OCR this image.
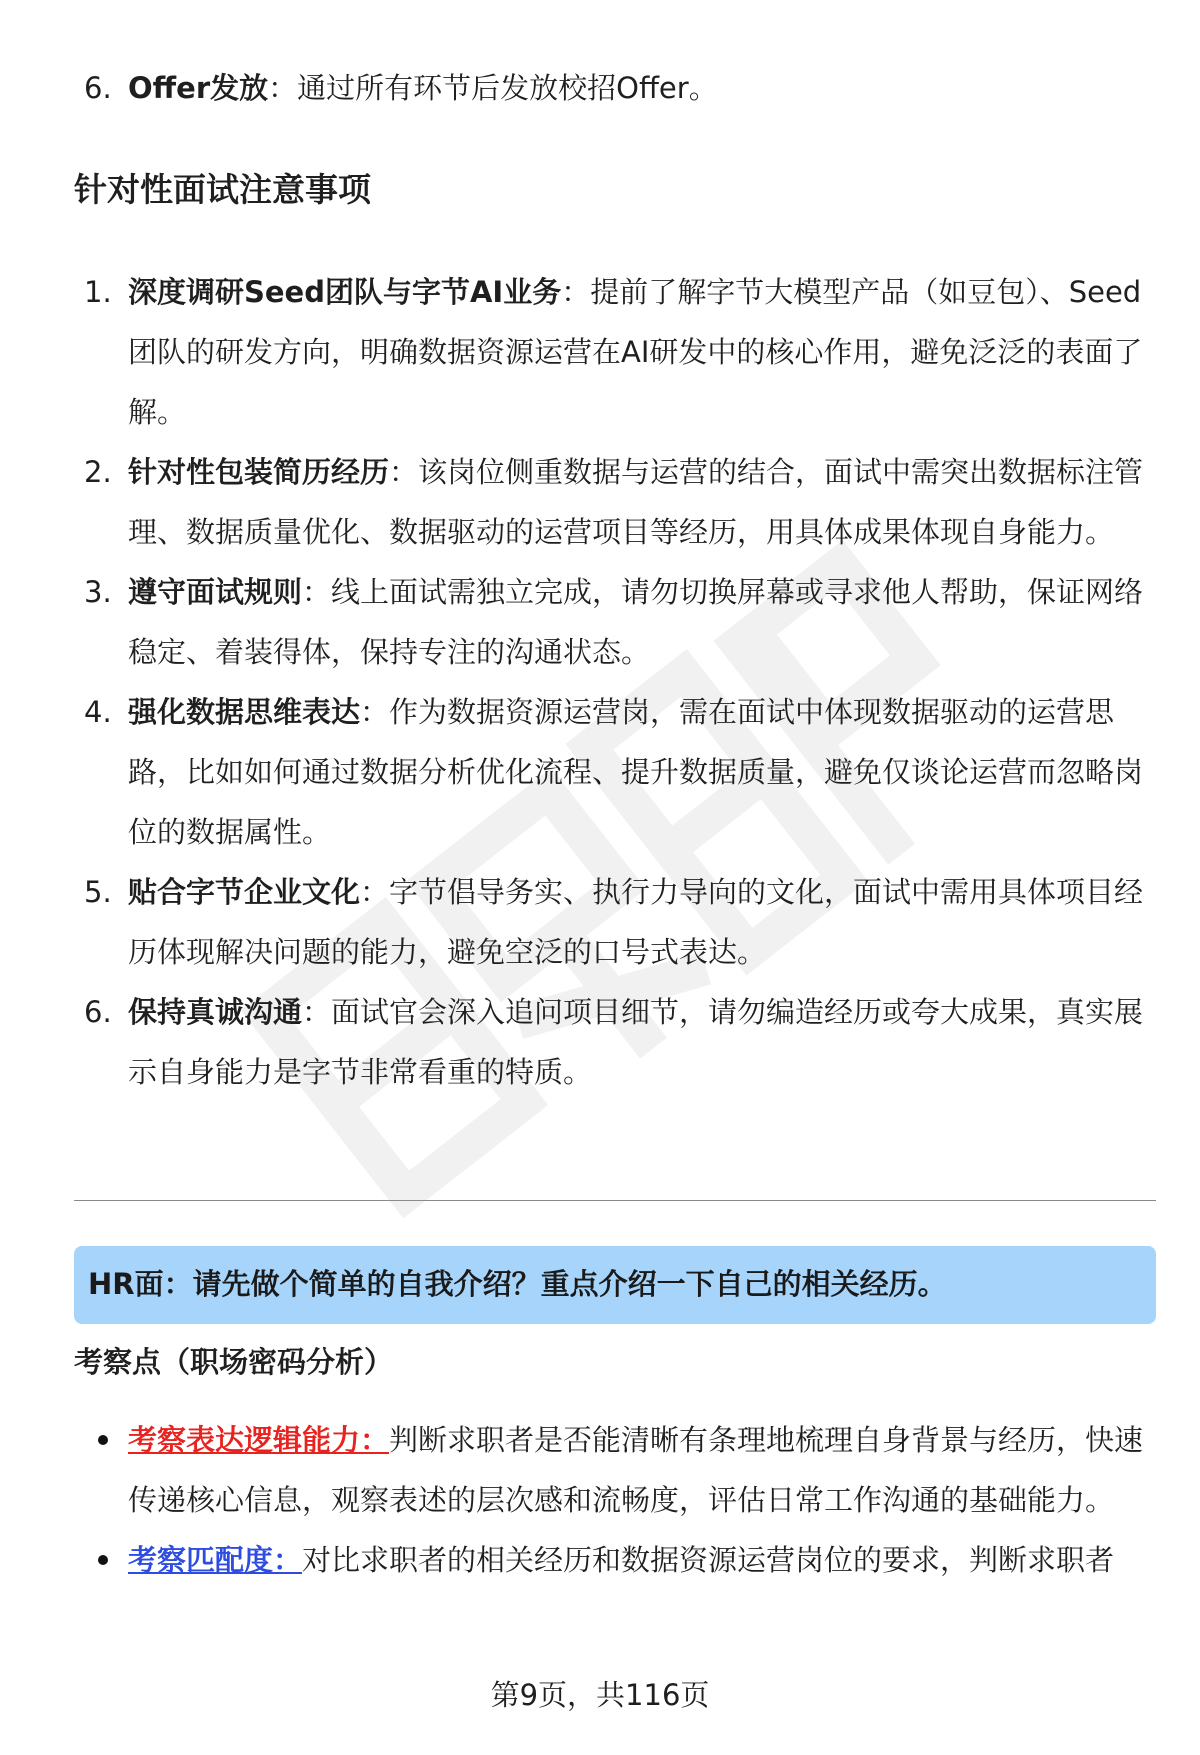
6. Offer发放：通过所有环节后发放校招Offer。
针对性面试注意事项
1. 深度调研Seed团队与字节AI业务：提前了解字节大模型产品（如豆包）、Seed团队的研发方向，明确数据资源运营在AI研发中的核心作用，避免泛泛的表面了解。
2. 针对性包装简历经历：该岗位侧重数据与运营的结合，面试中需突出数据标注管理、数据质量优化、数据驱动的运营项目等经历，用具体成果体现自身能力。
3. 遵守面试规则：线上面试需独立完成，请勿切换屏幕或寻求他人帮助，保证网络稳定、着装得体，保持专注的沟通状态。
4. 强化数据思维表达：作为数据资源运营岗，需在面试中体现数据驱动的运营思路，比如如何通过数据分析优化流程、提升数据质量，避免仅谈论运营而忽略岗位的数据属性。
5. 贴合字节企业文化：字节倡导务实、执行力导向的文化，面试中需用具体项目经历体现解决问题的能力，避免空泛的口号式表达。
6. 保持真诚沟通：面试官会深入追问项目细节，请勿编造经历或夸大成果，真实展示自身能力是字节非常看重的特质。
HR面：请先做个简单的自我介绍？重点介绍一下自己的相关经历。
考察点（职场密码分析）
考察表达逻辑能力：判断求职者是否能清晰有条理地梳理自身背景与经历，快速传递核心信息，观察表述的层次感和流畅度，评估日常工作沟通的基础能力。
考察匹配度：对比求职者的相关经历和数据资源运营岗位的要求，判断求职者
第9页，共116页
